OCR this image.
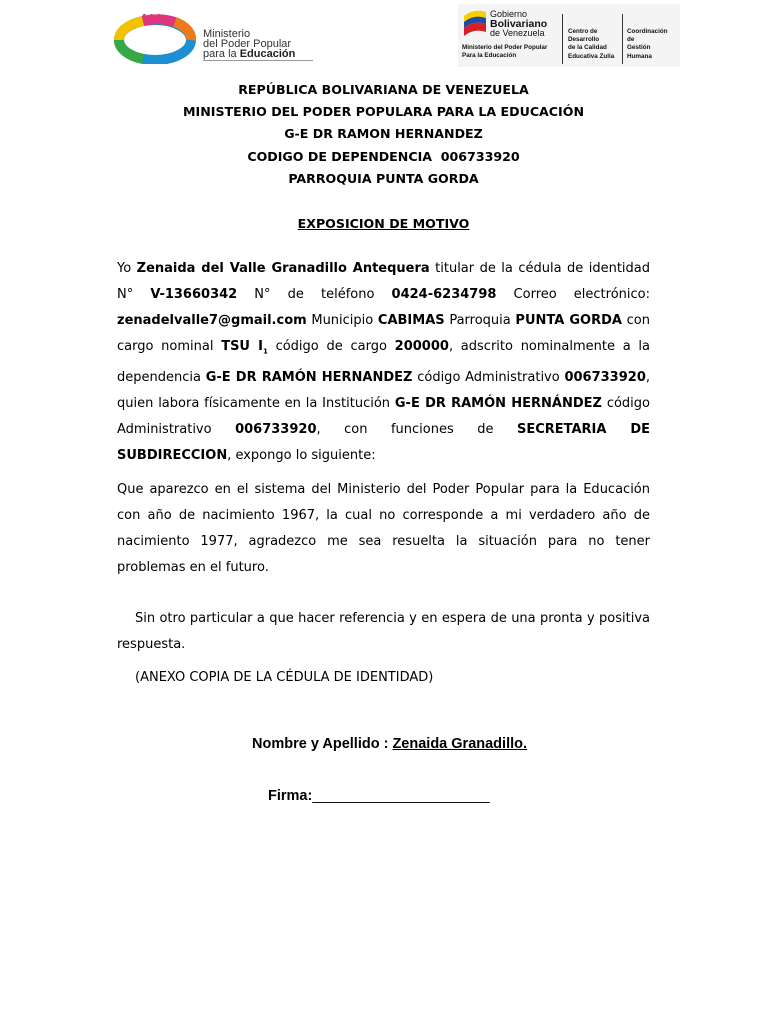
Ministerio
del Poder Popular
para la Educación
Gobierno
Bolivariano
de Venezuela
Ministerio del Poder Popular
Para la Educación
Centro de
Desarrollo
de la Calidad
Educativa Zulia
Coordinación
de
Gestión
Humana
REPÚBLICA BOLIVARIANA DE VENEZUELA
MINISTERIO DEL PODER POPULARA PARA LA EDUCACIÓN
G-E DR RAMON HERNANDEZ
CODIGO DE DEPENDENCIA  006733920
PARROQUIA PUNTA GORDA
EXPOSICION DE MOTIVO
Yo Zenaida del Valle Granadillo Antequera titular de la cédula de identidad N° V-13660342 N° de teléfono 0424-6234798 Correo electrónico: zenadelvalle7@gmail.com Municipio CABIMAS Parroquia PUNTA GORDA con cargo nominal TSU $I_1$ código de cargo 200000, adscrito nominalmente a la dependencia G-E DR RAMÓN HERNANDEZ código Administrativo 006733920, quien labora físicamente en la Institución G-E DR RAMÓN HERNÁNDEZ código Administrativo 006733920, con funciones de SECRETARIA DE SUBDIRECCION, expongo lo siguiente:
Que aparezco en el sistema del Ministerio del Poder Popular para la Educación con año de nacimiento 1967, la cual no corresponde a mi verdadero año de nacimiento 1977, agradezco me sea resuelta la situación para no tener problemas en el futuro.
Sin otro particular a que hacer referencia y en espera de una pronta y positiva respuesta.
(ANEXO COPIA DE LA CÉDULA DE IDENTIDAD)
Nombre y Apellido : Zenaida Granadillo.
Firma:______________________
